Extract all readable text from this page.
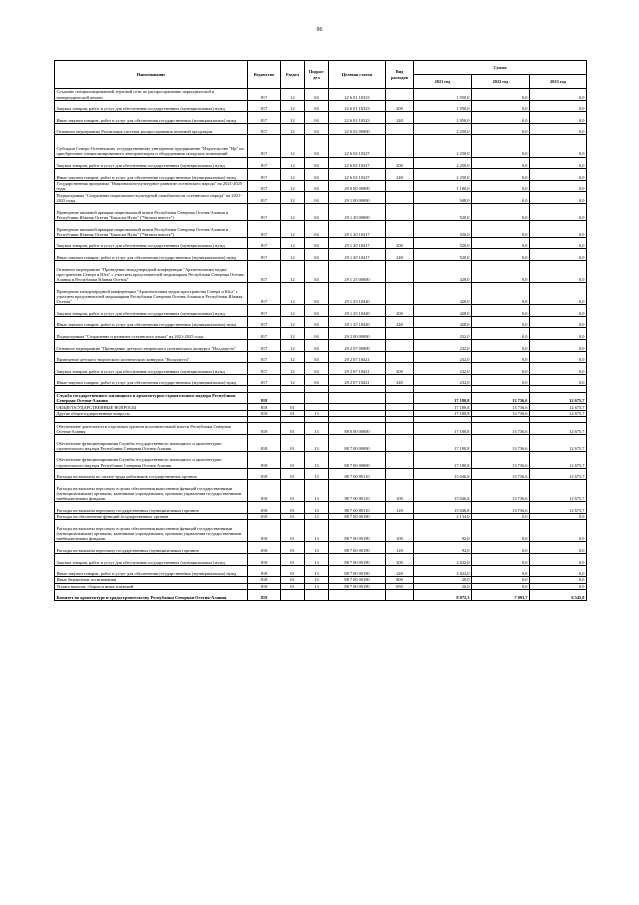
96
Наименование	Ведомство	Раздел	Подраз-дел	Целевая статья	Вид расходов	Сумма		
						2021 год	2022 год	2023 год
Создание специализированной торговой сети по распространению периодической и непериодической печати	817	12	04	22 6 01 10323		1 950,0	0,0	0,0
Закупка товаров, работ и услуг для обеспечения государственных (муниципальных) нужд	817	12	04	22 6 01 10323	200	1 950,0	0,0	0,0
Иные закупки товаров, работ и услуг для обеспечения государственных (муниципальных) нужд	817	12	04	22 6 01 10323	240	1 950,0	0,0	0,0
Основное мероприятие Реализация системы распространения печатной продукции	817	12	04	22 6 02 00000		2 250,0	0,0	0,0
Субсидии Северо-Осетинскому государственному унитарному предприятию "Издательство "Ир" на приобретение специализированного автотранспорта и оборудования складских помещений	817	12	04	22 6 02 10327		2 250,0	0,0	0,0
Закупка товаров, работ и услуг для обеспечения государственных (муниципальных) нужд	817	12	04	22 6 02 10327	200	2 250,0	0,0	0,0
Иные закупки товаров, работ и услуг для обеспечения государственных (муниципальных) нужд	817	12	04	22 6 02 10327	240	2 250,0	0,0	0,0
Государственная программа "Национально-культурное развитие осетинского народа" на 2021-2025 годы	817	12	04	29 0 00 00000		1 180,0	0,0	0,0
Подпрограмма "Сохранение национально-культурной самобытности осетинского народа" на 2021-2025 годы	817	12	04	29 1 00 00000		948,0	0,0	0,0
Проведение книжной ярмарки национальной книги Республики Северная Осетия-Алания и Республики Южная Осетия "Бакасам Нуна" ("Читаем вместе")	817	12	04	29 1 20 00000		520,0	0,0	0,0
Проведение книжной ярмарки национальной книги Республики Северная Осетия-Алания и Республики Южная Осетия "Бакасам Нуна" ("Читаем вместе")	817	12	04	29 1 20 10417		520,0	0,0	0,0
Закупка товаров, работ и услуг для обеспечения государственных (муниципальных) нужд	817	12	04	29 1 20 10417	200	520,0	0,0	0,0
Иные закупки товаров, работ и услуг для обеспечения государственных (муниципальных) нужд	817	12	04	29 1 20 10417	240	520,0	0,0	0,0
Основное мероприятие "Проведение международной конференции "Архитектоника медиа-пространства Севера и Юга" с участием представителей медиапарков Республики Северная Осетия-Алания и Республики Южная Осетия"	817	12	04	29 1 25 00000		428,0	0,0	0,0
Проведение международной конференции "Архитектоника медиа-пространства Севера и Юга" с участием представителей медиапарков Республики Северная Осетия-Алания и Республики Южная Осетия"	817	12	04	29 1 25 10420		428,0	0,0	0,0
Закупка товаров, работ и услуг для обеспечения государственных (муниципальных) нужд	817	12	04	29 1 25 10420	200	428,0	0,0	0,0
Иные закупки товаров, работ и услуг для обеспечения государственных (муниципальных) нужд	817	12	04	29 1 25 10420	240	428,0	0,0	0,0
Подпрограмма "Сохранение и развитие осетинского языка" на 2021-2025 годы	817	12	04	29 2 00 00000		232,0	0,0	0,0
Основное мероприятие "Проведение детского творческого поэтического конкурса "Нолдзаугта"	817	12	04	29 2 07 00000		232,0	0,0	0,0
Проведение детского творческого поэтического конкурса "Нолдзаугта"	817	12	04	29 2 07 10421		232,0	0,0	0,0
Закупка товаров, работ и услуг для обеспечения государственных (муниципальных) нужд	817	12	04	29 2 07 10421	200	232,0	0,0	0,0
Иные закупки товаров, работ и услуг для обеспечения государственных (муниципальных) нужд	817	12	04	29 2 07 10421	240	232,0	0,0	0,0

Служба государственного жилищного и архитектурно-строительного надзора Республики Северная Осетия-Алания	818					17 180,8	13 736,6	12 675,7
ОБЩЕГОСУДАРСТВЕННЫЕ ВОПРОСЫ	818	01				17 180,8	13 736,6	12 675,7
Другие общегосударственные вопросы	818	01	13			17 180,8	13 736,6	12 675,7

Обеспечение деятельности отдельных органов исполнительной власти Республики Северная Осетия-Алания	818	01	13	88 0 00 00000		17 180,8	13 736,6	12 675,7
Обеспечение функционирования Службы государственного жилищного и архитектурно-строительного надзора Республики Северная Осетия-Алания	818	01	13	88 7 00 00000		17 180,8	13 736,6	12 675,7
Обеспечение функционирования Службы государственного жилищного и архитектурно-строительного надзора Республики Северная Осетия-Алания	818	01	13	88 7 00 00000		17 180,8	13 736,6	12 675,7
Расходы на выплаты по оплате труда работников государственных органов	818	01	13	88 7 00 00110		15 046,8	13 736,6	12 675,7
Расходы на выплаты персоналу в целях обеспечения выполнения функций государственными (муниципальными) органами, казенными учреждениями, органами управления государственными внебюджетными фондами	818	01	13	88 7 00 00110	100	15 046,8	13 736,6	12 675,7
Расходы на выплаты персоналу государственных (муниципальных) органов	818	01	13	88 7 00 00110	120	15 046,8	13 736,6	12 675,7
Расходы на обеспечение функций государственных органов	818	01	13	88 7 00 00190		2 134,0	0,0	0,0
Расходы на выплаты персоналу в целях обеспечения выполнения функций государственными (муниципальными) органами, казенными учреждениями, органами управления государственными внебюджетными фондами	818	01	13	88 7 00 00190	100	92,0	0,0	0,0
Расходы на выплаты персоналу государственных (муниципальных) органов	818	01	13	88 7 00 00190	120	92,0	0,0	0,0
Закупка товаров, работ и услуг для обеспечения государственных (муниципальных) нужд	818	01	13	88 7 00 00190	200	2 022,0	0,0	0,0
Иные закупки товаров, работ и услуг для обеспечения государственных (муниципальных) нужд	818	01	13	88 7 00 00190	240	2 022,0	0,0	0,0
Иные бюджетные ассигнования	818	01	13	88 7 00 00190	800	20,0	0,0	0,0
Уплата налогов, сборов и иных платежей	818	01	13	88 7 00 00190	850	20,0	0,0	0,0
Комитет по архитектуре и градостроительству Республики Северная Осетия-Алания	819					8 872,3	7 093,7	6 545,8
